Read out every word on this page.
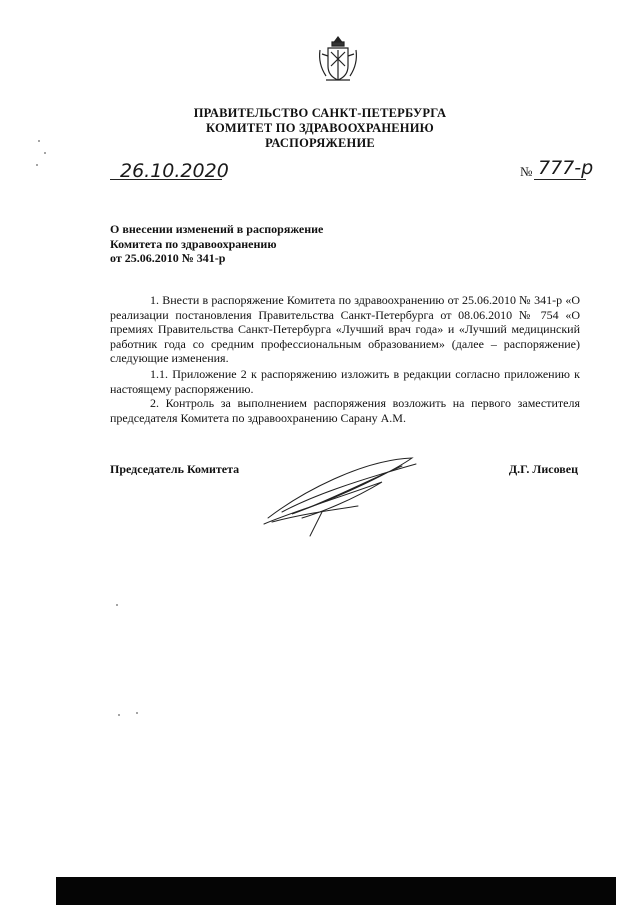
ПРАВИТЕЛЬСТВО САНКТ-ПЕТЕРБУРГА
КОМИТЕТ ПО ЗДРАВООХРАНЕНИЮ
РАСПОРЯЖЕНИЕ
26.10.2020	№ 777-р
О внесении изменений в распоряжение
Комитета по здравоохранению
от 25.06.2010 № 341-р
1. Внести в распоряжение Комитета по здравоохранению от 25.06.2010 № 341-р «О реализации постановления Правительства Санкт-Петербурга от 08.06.2010 № 754 «О премиях Правительства Санкт-Петербурга «Лучший врач года» и «Лучший медицинский работник года со средним профессиональным образованием» (далее – распоряжение) следующие изменения.
1.1. Приложение 2 к распоряжению изложить в редакции согласно приложению к настоящему распоряжению.
2. Контроль за выполнением распоряжения возложить на первого заместителя председателя Комитета по здравоохранению Сарану А.М.
Председатель Комитета	Д.Г. Лисовец
